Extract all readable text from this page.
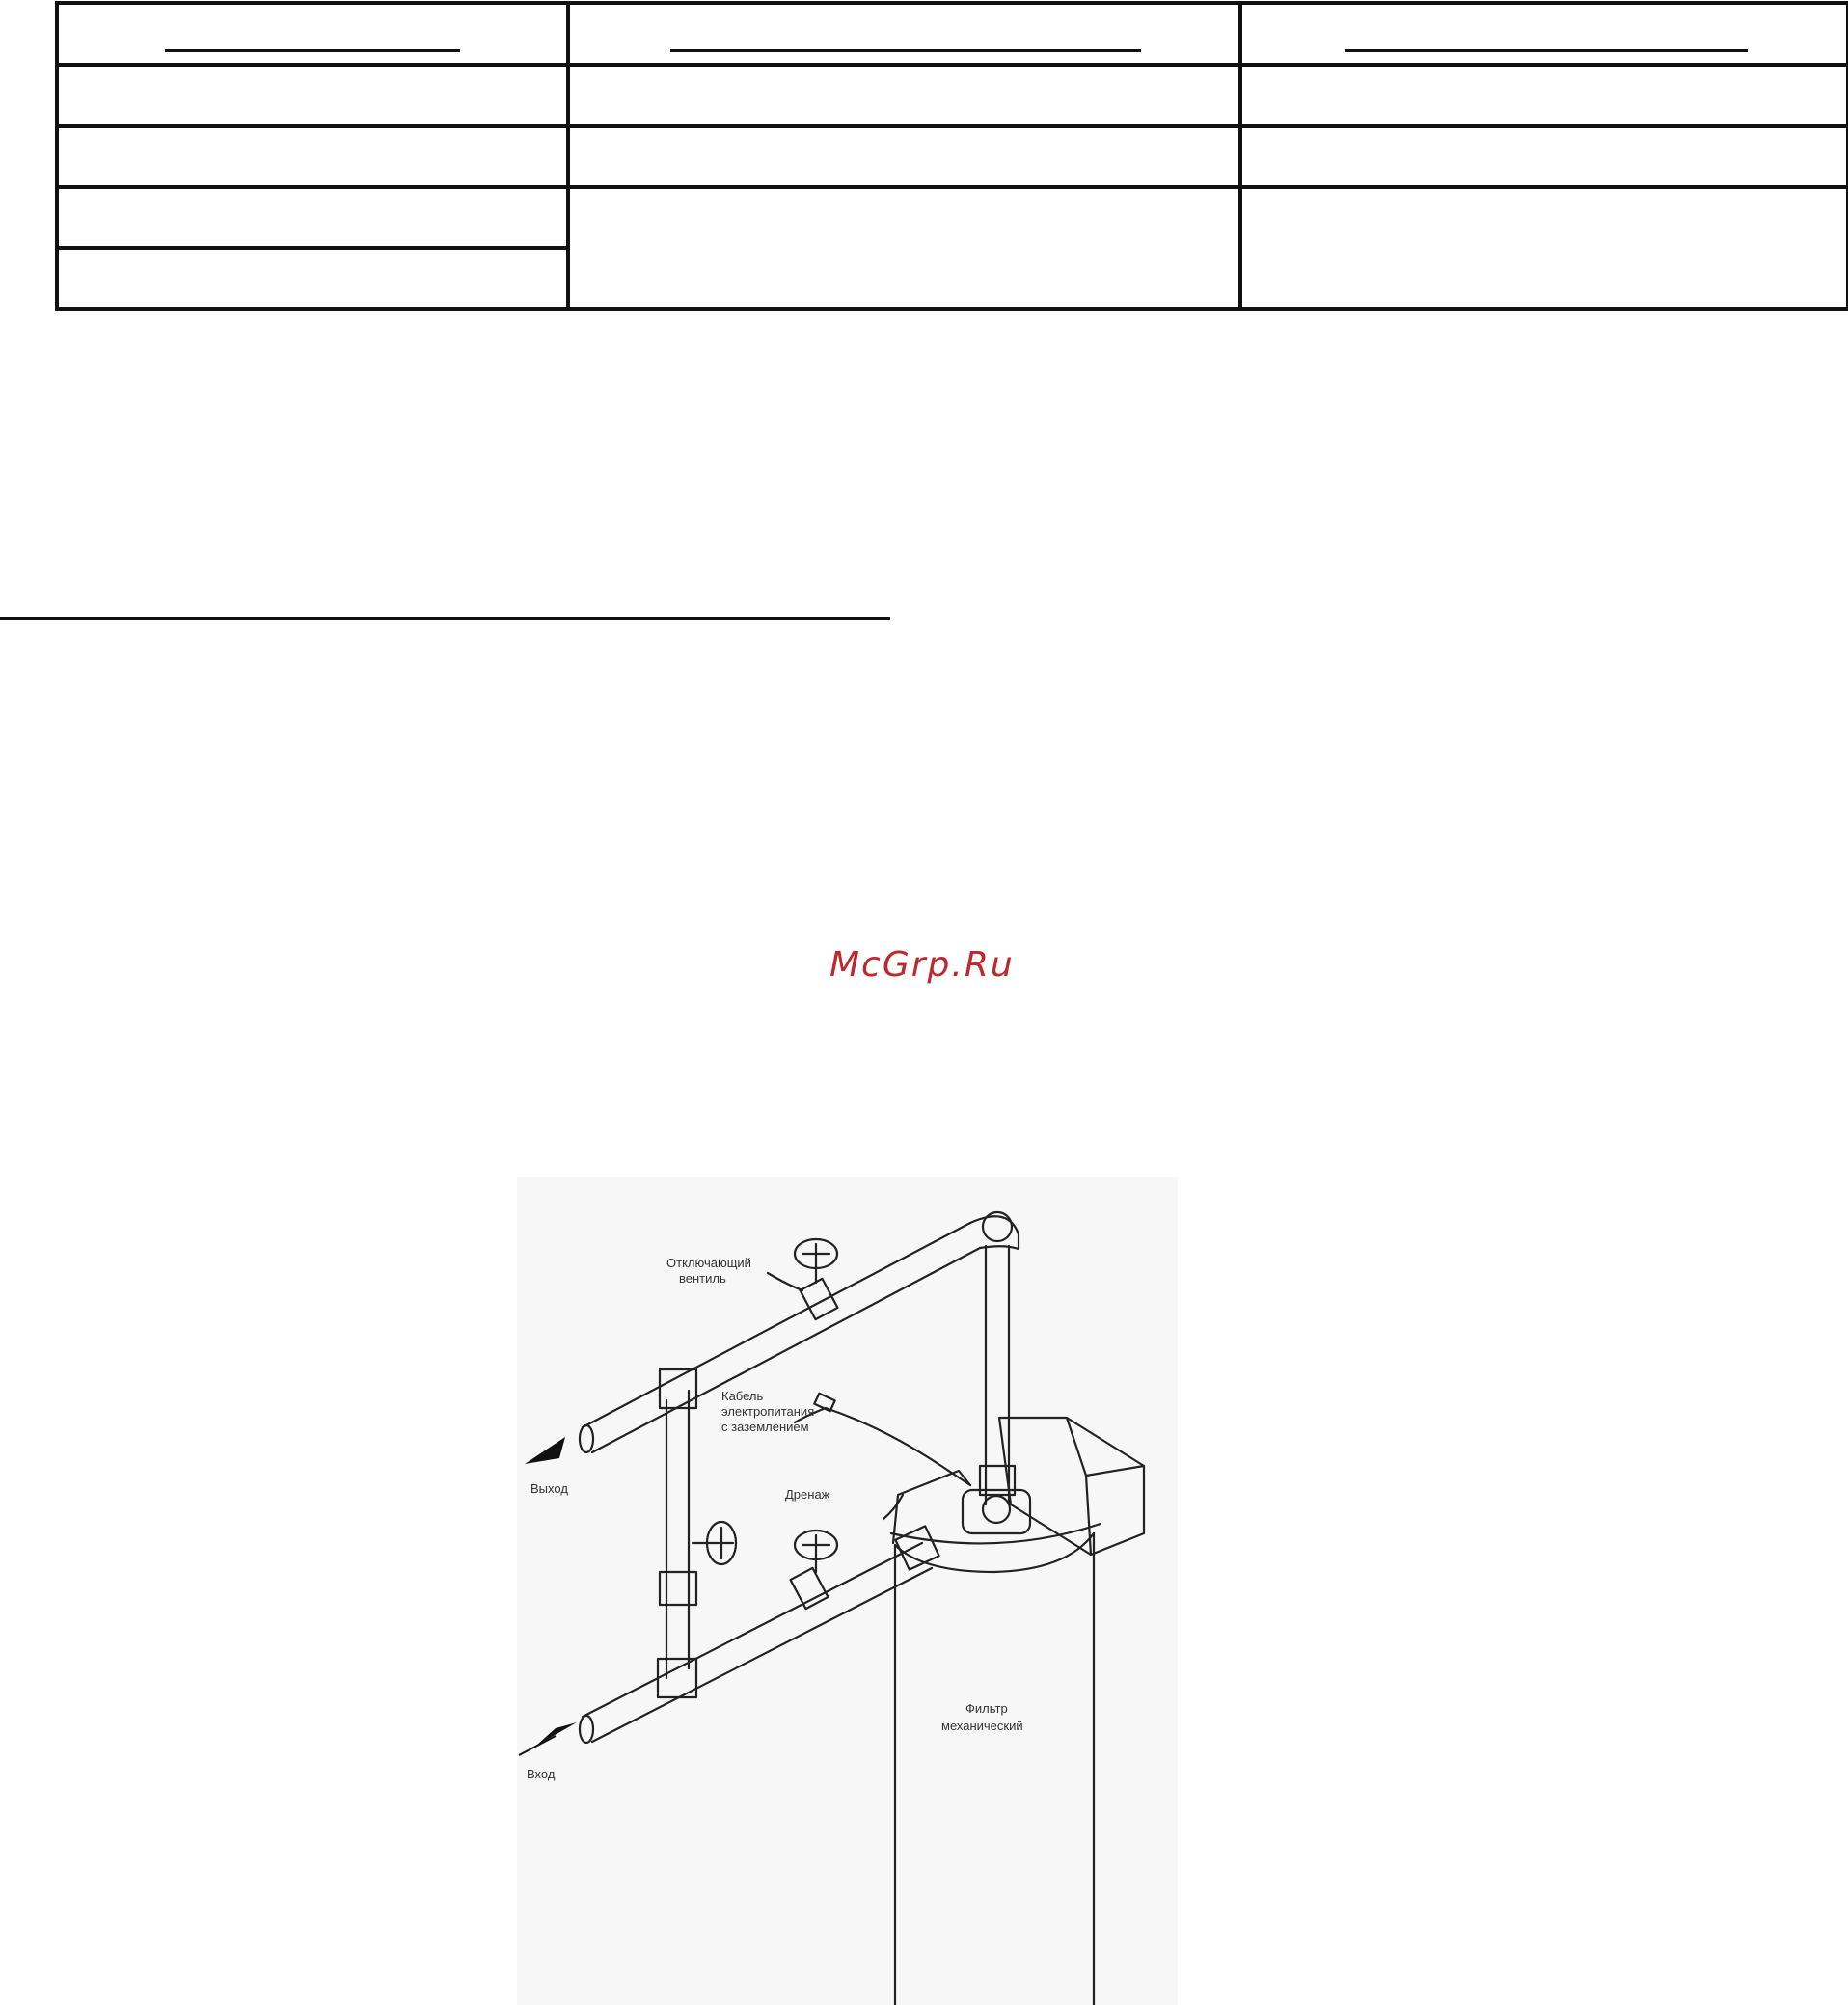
McGrp.Ru
Отключающий
вентиль
Кабель
электропитания
с заземлением
Дренаж
Выход
Вход
Фильтр
механический
